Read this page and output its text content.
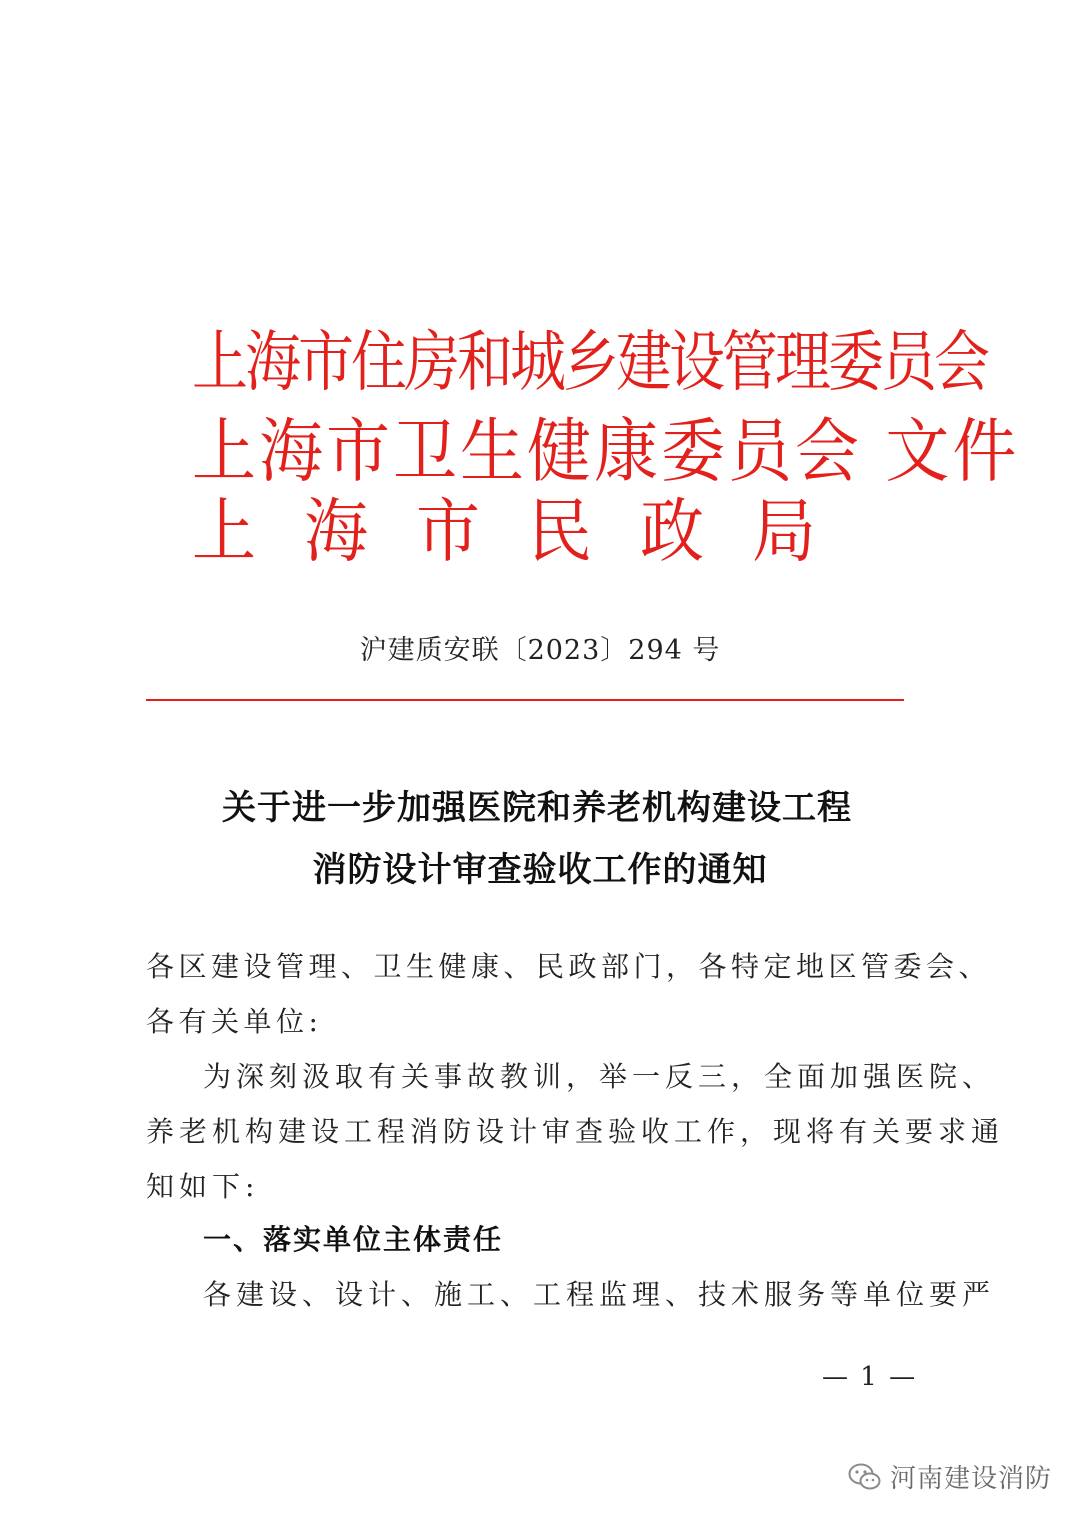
上海市住房和城乡建设管理委员会
上海市卫生健康委员会 文件
上海市民政局
沪建质安联〔2023〕294 号
关于进一步加强医院和养老机构建设工程
消防设计审查验收工作的通知
各区建设管理、卫生健康、民政部门，各特定地区管委会、
各有关单位:
为深刻汲取有关事故教训，举一反三，全面加强医院、
养老机构建设工程消防设计审查验收工作，现将有关要求通
知如下:
一、落实单位主体责任
各建设、设计、施工、工程监理、技术服务等单位要严
— 1 —
河南建设消防
